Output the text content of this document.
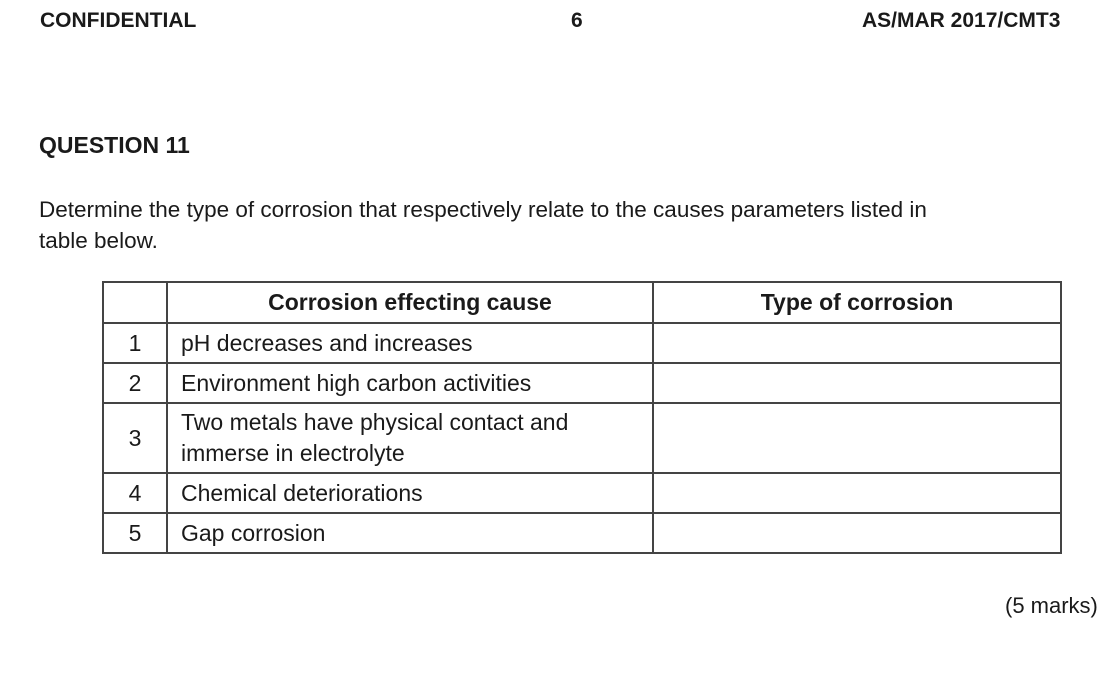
CONFIDENTIAL	6	AS/MAR 2017/CMT3
QUESTION 11
Determine the type of corrosion that respectively relate to the causes parameters listed in
table below.
	Corrosion effecting cause	Type of corrosion
1	pH decreases and increases	

2	Environment high carbon activities	

3	Two metals have physical contact and
immerse in electrolyte	

4	Chemical deteriorations	

5	Gap corrosion	

(5 marks)
